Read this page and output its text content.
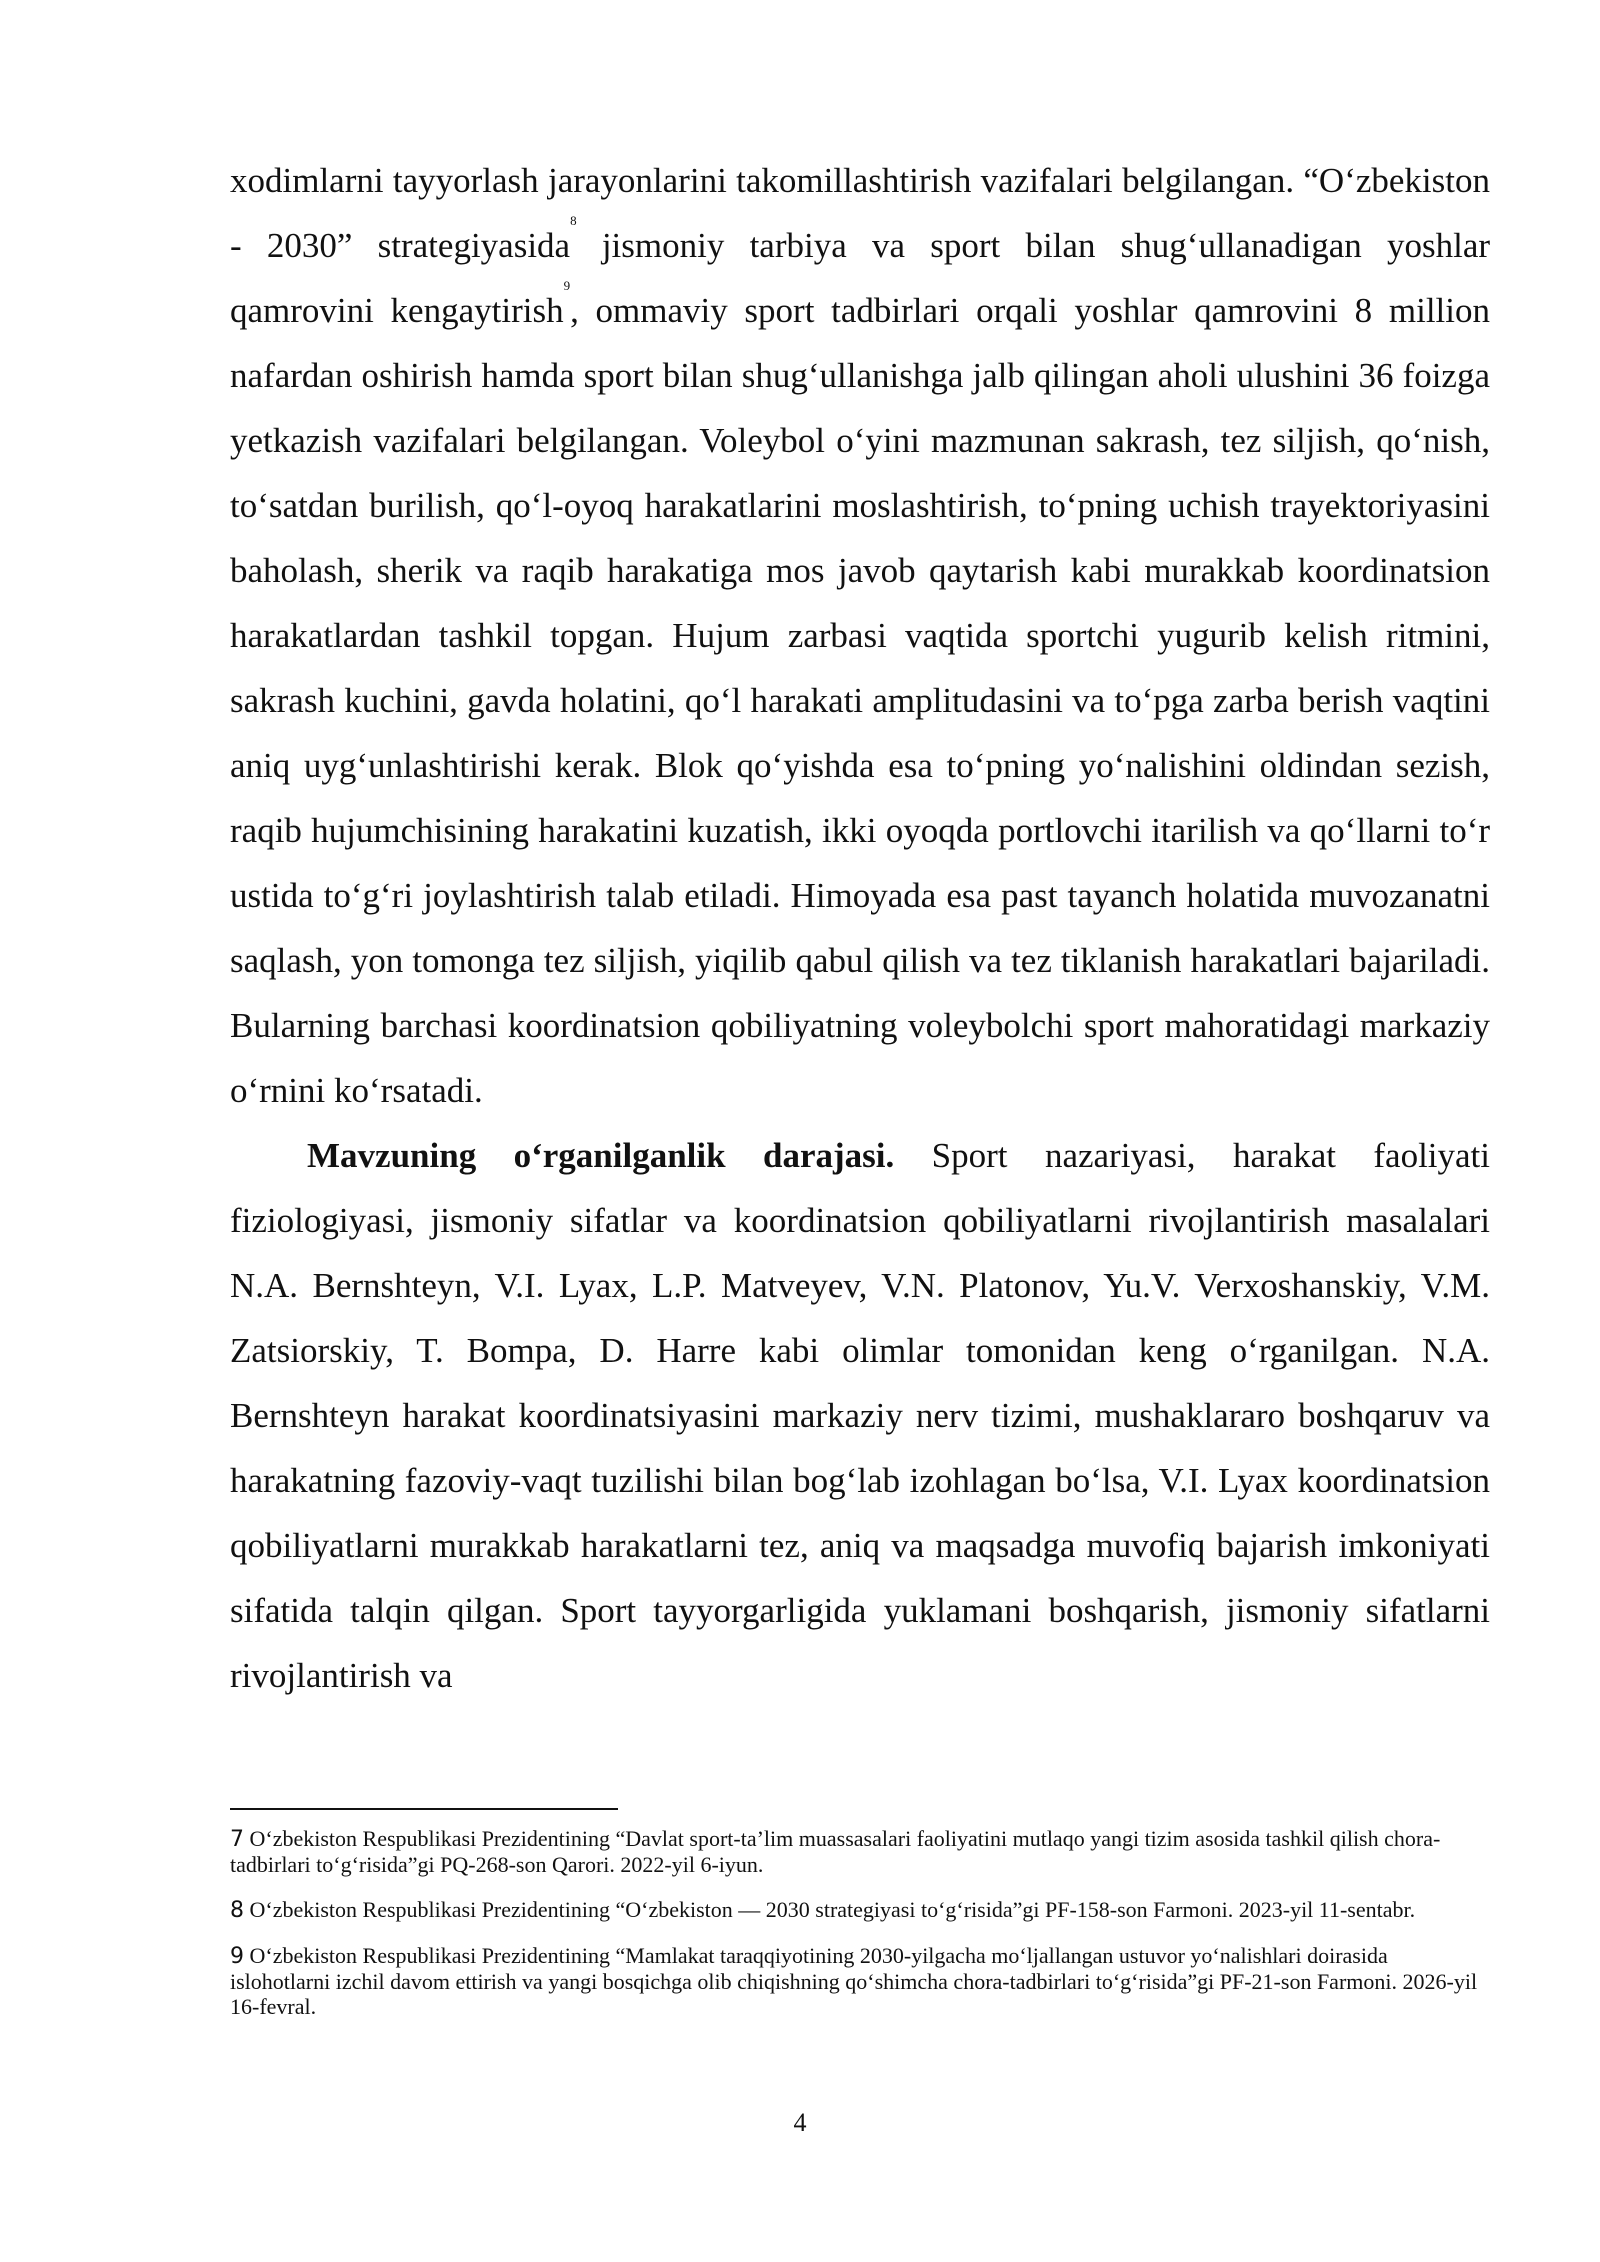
xodimlarni tayyorlash jarayonlarini takomillashtirish vazifalari belgilangan. “O‘zbekiston - 2030” strategiyasida$^8$ jismoniy tarbiya va sport bilan shug‘ullanadigan yoshlar qamrovini kengaytirish$^9$, ommaviy sport tadbirlari orqali yoshlar qamrovini 8 million nafardan oshirish hamda sport bilan shug‘ullanishga jalb qilingan aholi ulushini 36 foizga yetkazish vazifalari belgilangan. Voleybol o‘yini mazmunan sakrash, tez siljish, qo‘nish, to‘satdan burilish, qo‘l-oyoq harakatlarini moslashtirish, to‘pning uchish trayektoriyasini baholash, sherik va raqib harakatiga mos javob qaytarish kabi murakkab koordinatsion harakatlardan tashkil topgan. Hujum zarbasi vaqtida sportchi yugurib kelish ritmini, sakrash kuchini, gavda holatini, qo‘l harakati amplitudasini va to‘pga zarba berish vaqtini aniq uyg‘unlashtirishi kerak. Blok qo‘yishda esa to‘pning yo‘nalishini oldindan sezish, raqib hujumchisining harakatini kuzatish, ikki oyoqda portlovchi itarilish va qo‘llarni to‘r ustida to‘g‘ri joylashtirish talab etiladi. Himoyada esa past tayanch holatida muvozanatni saqlash, yon tomonga tez siljish, yiqilib qabul qilish va tez tiklanish harakatlari bajariladi. Bularning barchasi koordinatsion qobiliyatning voleybolchi sport mahoratidagi markaziy o‘rnini ko‘rsatadi.

Mavzuning o‘rganilganlik darajasi. Sport nazariyasi, harakat faoliyati fiziologiyasi, jismoniy sifatlar va koordinatsion qobiliyatlarni rivojlantirish masalalari N.A. Bernshteyn, V.I. Lyax, L.P. Matveyev, V.N. Platonov, Yu.V. Verxoshanskiy, V.M. Zatsiorskiy, T. Bompa, D. Harre kabi olimlar tomonidan keng o‘rganilgan. N.A. Bernshteyn harakat koordinatsiyasini markaziy nerv tizimi, mushaklararo boshqaruv va harakatning fazoviy-vaqt tuzilishi bilan bog‘lab izohlagan bo‘lsa, V.I. Lyax koordinatsion qobiliyatlarni murakkab harakatlarni tez, aniq va maqsadga muvofiq bajarish imkoniyati sifatida talqin qilgan. Sport tayyorgarligida yuklamani boshqarish, jismoniy sifatlarni rivojlantirish va

7 O‘zbekiston Respublikasi Prezidentining “Davlat sport-ta’lim muassasalari faoliyatini mutlaqo yangi tizim asosida tashkil qilish chora-tadbirlari to‘g‘risida”gi PQ-268-son Qarori. 2022-yil 6-iyun.

8 O‘zbekiston Respublikasi Prezidentining “O‘zbekiston — 2030 strategiyasi to‘g‘risida”gi PF-158-son Farmoni. 2023-yil 11-sentabr.

9 O‘zbekiston Respublikasi Prezidentining “Mamlakat taraqqiyotining 2030-yilgacha mo‘ljallangan ustuvor yo‘nalishlari doirasida islohotlarni izchil davom ettirish va yangi bosqichga olib chiqishning qo‘shimcha chora-tadbirlari to‘g‘risida”gi PF-21-son Farmoni. 2026-yil 16-fevral.

4
